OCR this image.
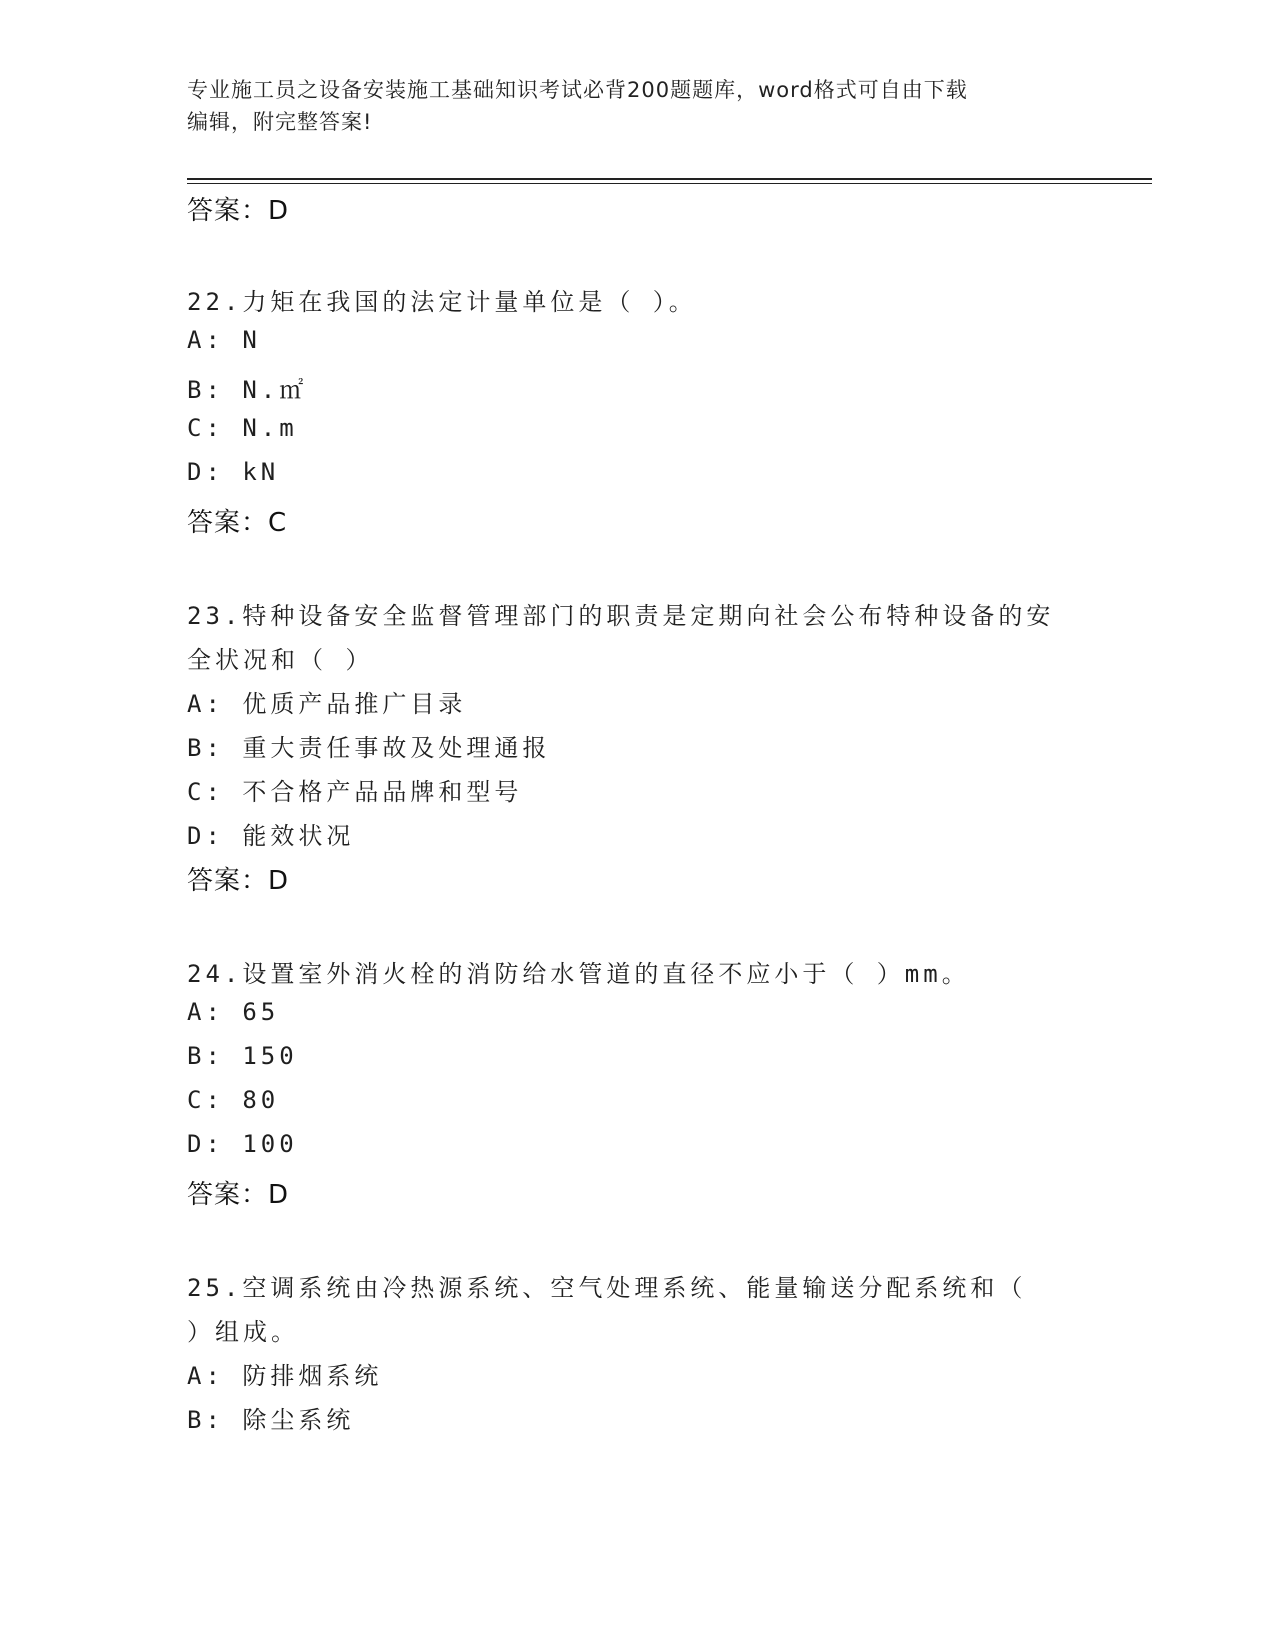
专业施工员之设备安装施工基础知识考试必背200题题库，word格式可自由下载
编辑，附完整答案!
答案：D
22.力矩在我国的法定计量单位是（ ）。
A: N
B: N.㎡
C: N.m
D: kN
答案：C
23.特种设备安全监督管理部门的职责是定期向社会公布特种设备的安
全状况和（ ）
A: 优质产品推广目录
B: 重大责任事故及处理通报
C: 不合格产品品牌和型号
D: 能效状况
答案：D
24.设置室外消火栓的消防给水管道的直径不应小于（ ）mm。
A: 65
B: 150
C: 80
D: 100
答案：D
25.空调系统由冷热源系统、空气处理系统、能量输送分配系统和（
）组成。
A: 防排烟系统
B: 除尘系统
